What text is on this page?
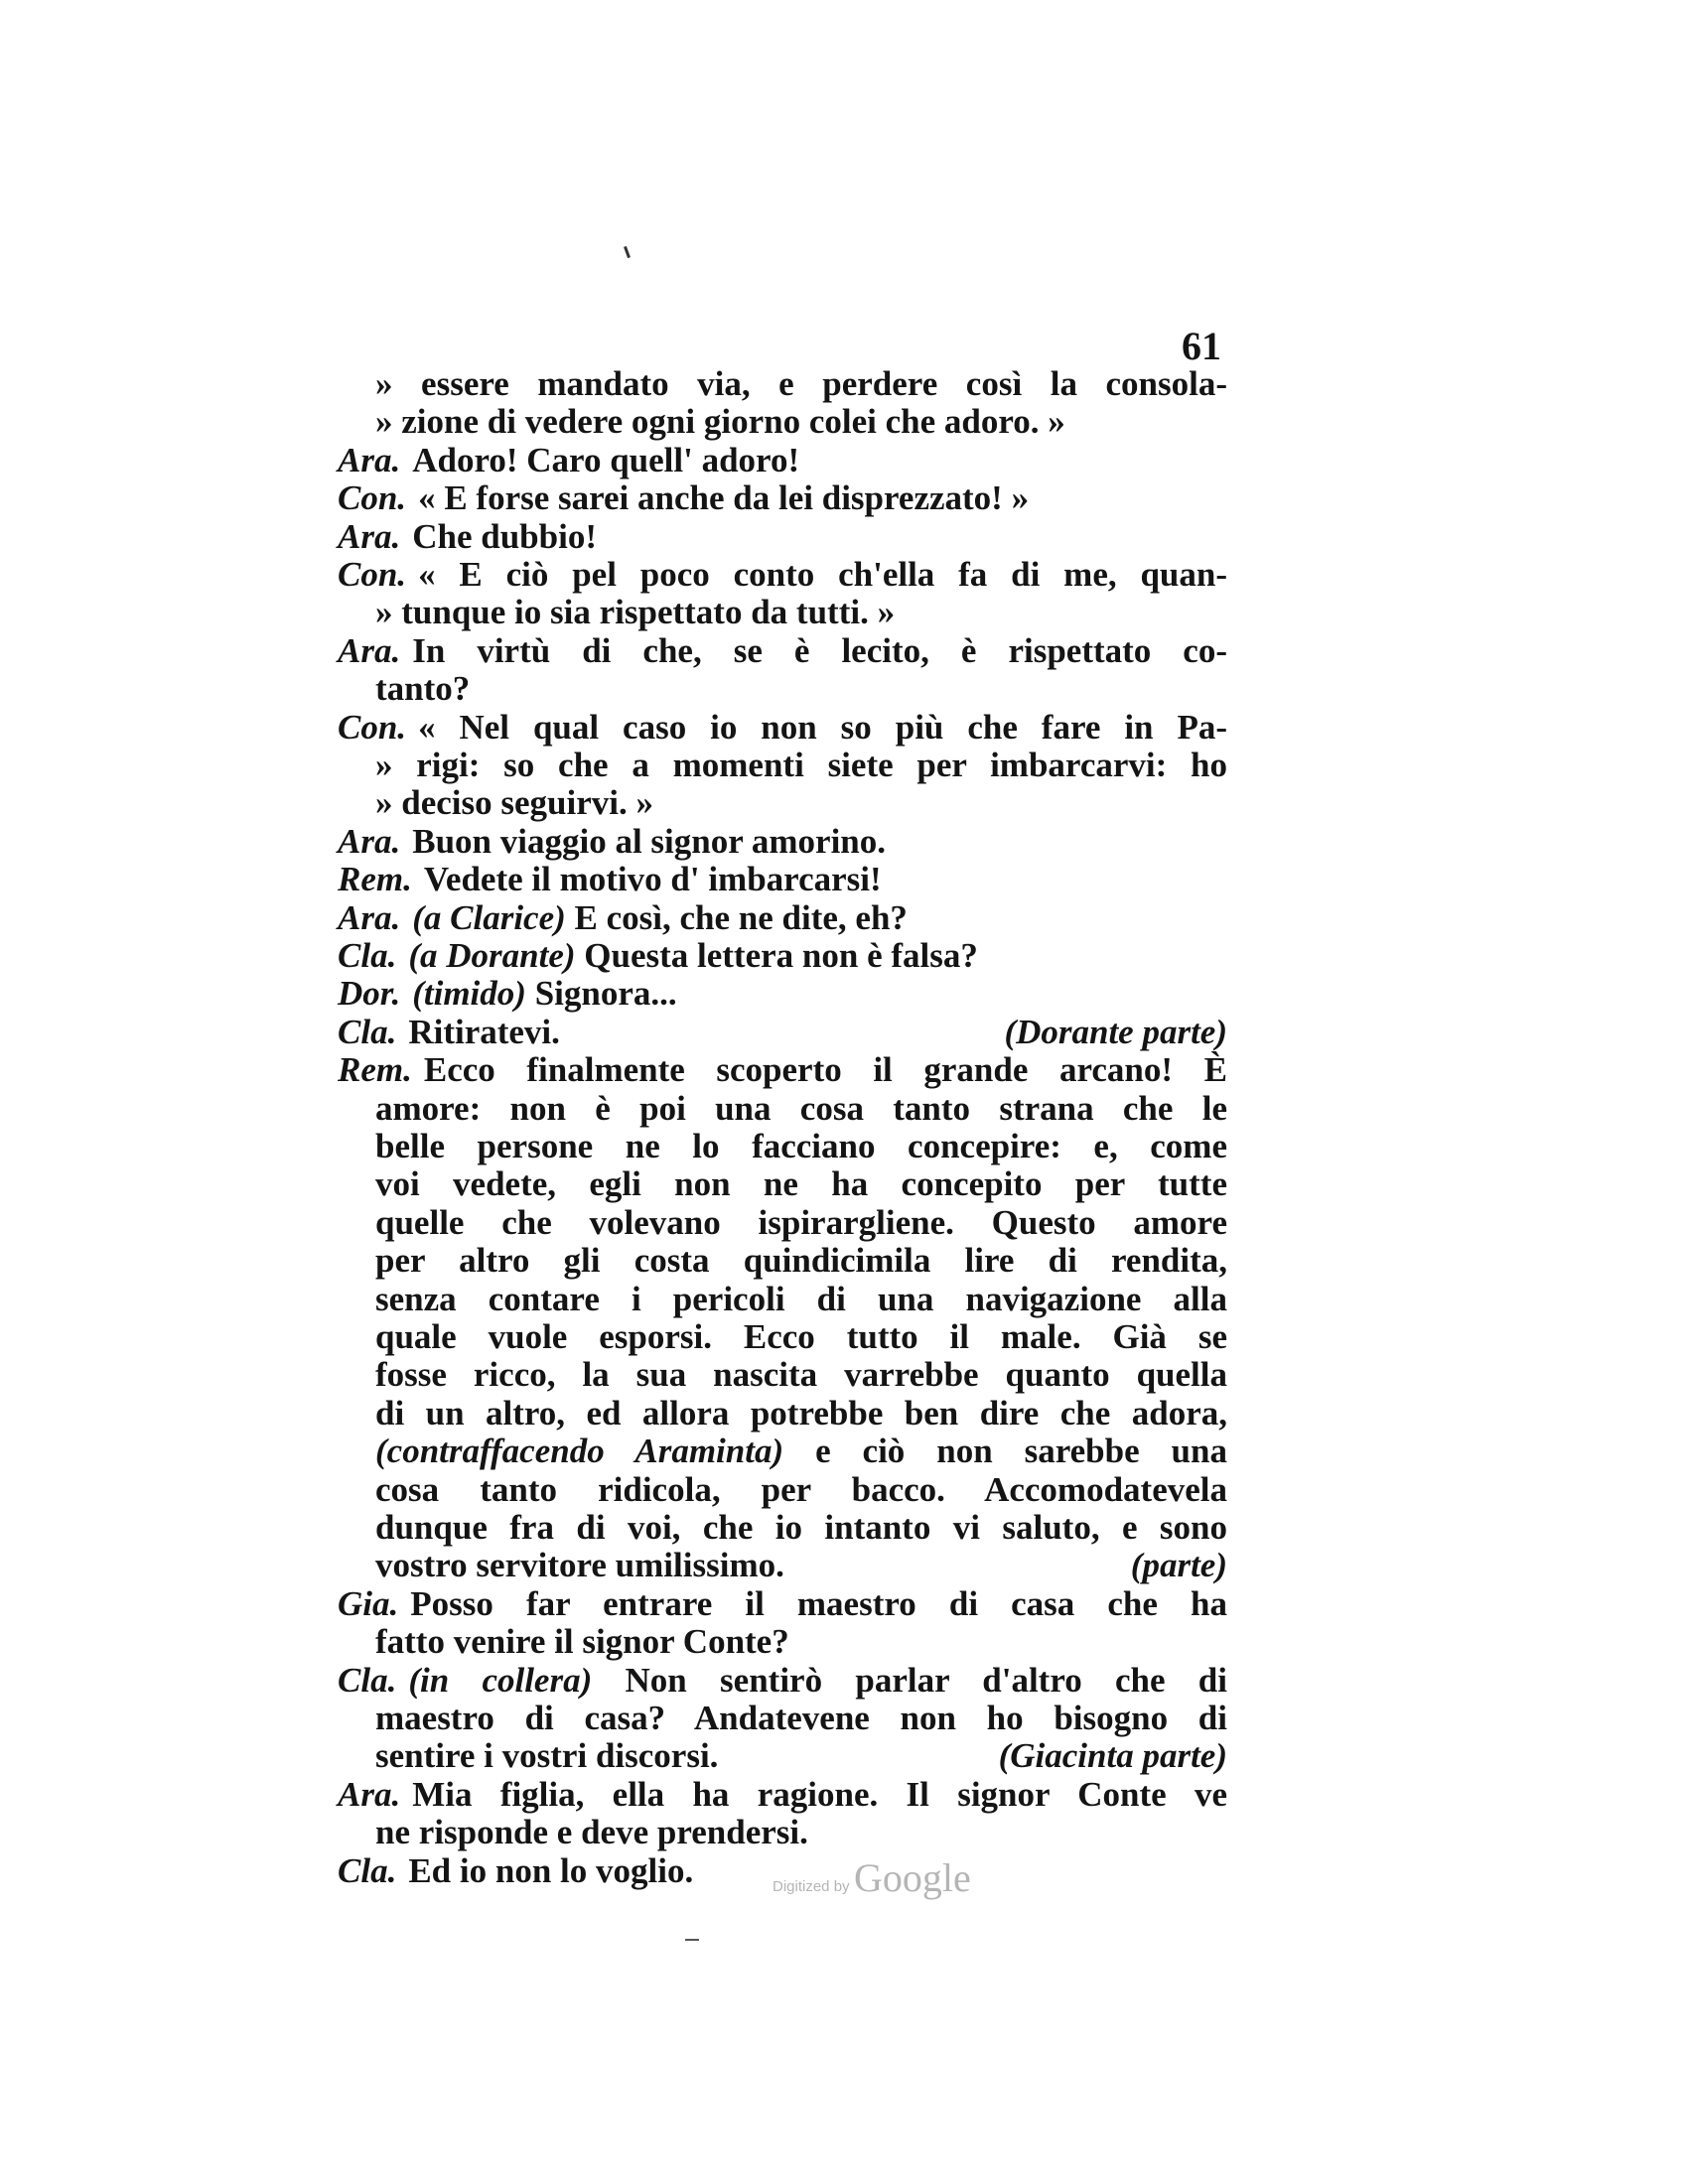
61
» essere mandato via, e perdere così la consola-
» zione di vedere ogni giorno colei che adoro. »
Ara. Adoro! Caro quell' adoro!
Con. « E forse sarei anche da lei disprezzato! »
Ara. Che dubbio!
Con. « E ciò pel poco conto ch'ella fa di me, quan-
» tunque io sia rispettato da tutti. »
Ara. In virtù di che, se è lecito, è rispettato co-
tanto?
Con. « Nel qual caso io non so più che fare in Pa-
» rigi: so che a momenti siete per imbarcarvi: ho
» deciso seguirvi. »
Ara. Buon viaggio al signor amorino.
Rem. Vedete il motivo d' imbarcarsi!
Ara. (a Clarice) E così, che ne dite, eh?
Cla. (a Dorante) Questa lettera non è falsa?
Dor. (timido) Signora...
Cla. Ritiratevi.	(Dorante parte)
Rem. Ecco finalmente scoperto il grande arcano! È
amore: non è poi una cosa tanto strana che le
belle persone ne lo facciano concepire: e, come
voi vedete, egli non ne ha concepito per tutte
quelle che volevano ispirargliene. Questo amore
per altro gli costa quindicimila lire di rendita,
senza contare i pericoli di una navigazione alla
quale vuole esporsi. Ecco tutto il male. Già se
fosse ricco, la sua nascita varrebbe quanto quella
di un altro, ed allora potrebbe ben dire che adora,
(contraffacendo Araminta) e ciò non sarebbe una
cosa tanto ridicola, per bacco. Accomodatevela
dunque fra di voi, che io intanto vi saluto, e sono
vostro servitore umilissimo.	(parte)
Gia. Posso far entrare il maestro di casa che ha
fatto venire il signor Conte?
Cla. (in collera) Non sentirò parlar d'altro che di
maestro di casa? Andatevene non ho bisogno di
sentire i vostri discorsi.	(Giacinta parte)
Ara. Mia figlia, ella ha ragione. Il signor Conte ve
ne risponde e deve prendersi.
Cla. Ed io non lo voglio.	Digitized by Google
